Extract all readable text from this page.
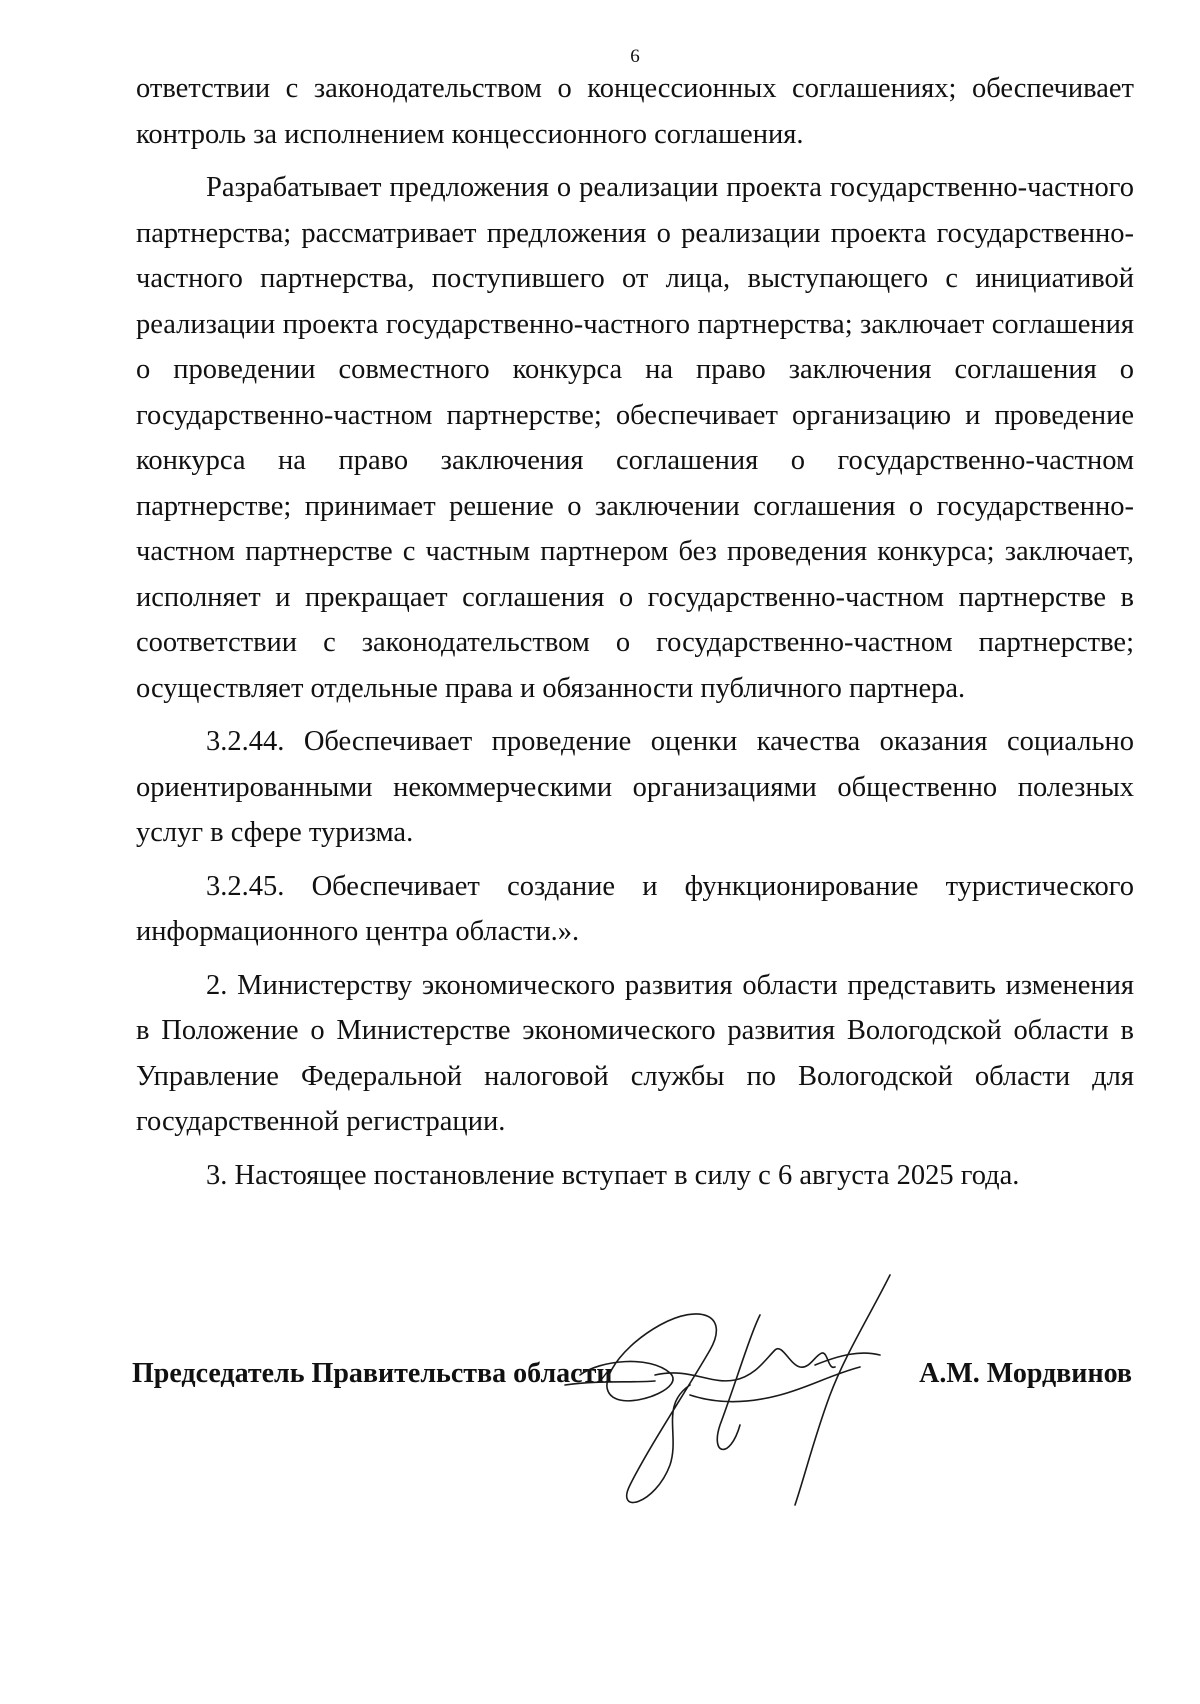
6

ответствии с законодательством о концессионных соглашениях; обеспечивает контроль за исполнением концессионного соглашения.

Разрабатывает предложения о реализации проекта государственно-частного партнерства; рассматривает предложения о реализации проекта государственно-частного партнерства, поступившего от лица, выступающего с инициативой реализации проекта государственно-частного партнерства; заключает соглашения о проведении совместного конкурса на право заключения соглашения о государственно-частном партнерстве; обеспечивает организацию и проведение конкурса на право заключения соглашения о государственно-частном партнерстве; принимает решение о заключении соглашения о государственно-частном партнерстве с частным партнером без проведения конкурса; заключает, исполняет и прекращает соглашения о государственно-частном партнерстве в соответствии с законодательством о государственно-частном партнерстве; осуществляет отдельные права и обязанности публичного партнера.

3.2.44. Обеспечивает проведение оценки качества оказания социально ориентированными некоммерческими организациями общественно полезных услуг в сфере туризма.

3.2.45. Обеспечивает создание и функционирование туристического информационного центра области.».

2. Министерству экономического развития области представить изменения в Положение о Министерстве экономического развития Вологодской области в Управление Федеральной налоговой службы по Вологодской области для государственной регистрации.

3. Настоящее постановление вступает в силу с 6 августа 2025 года.

Председатель Правительства области	А.М. Мордвинов
